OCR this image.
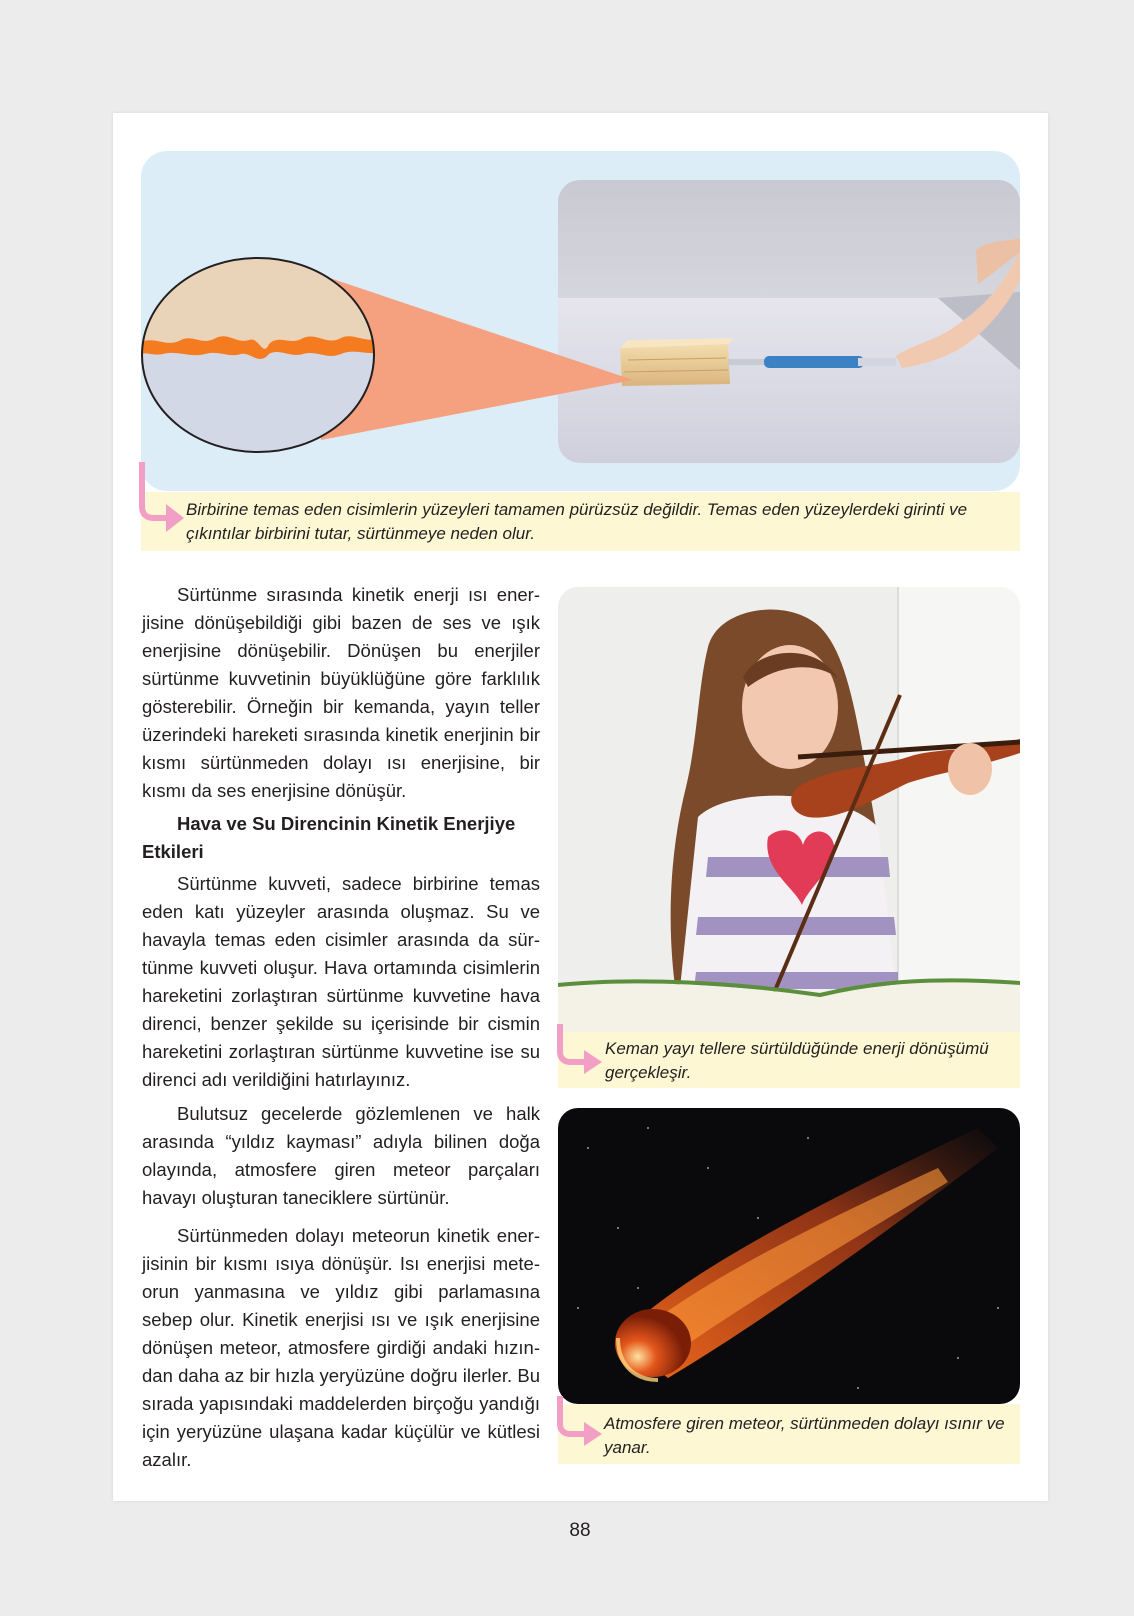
Birbirine temas eden cisimlerin yüzeyleri tamamen pürüzsüz değildir. Temas eden yüzeylerdeki girinti ve çıkıntılar birbirini tutar, sürtünmeye neden olur.

Sürtünme sırasında kinetik enerji ısı enerjisine dönüşebildiği gibi bazen de ses ve ışık enerjisine dönüşebilir. Dönüşen bu enerjiler sürtünme kuvvetinin büyüklüğüne göre farklılık gösterebilir. Örneğin bir kemanda, yayın teller üzerindeki hareketi sırasında kinetik enerjinin bir kısmı sürtünmeden dolayı ısı enerjisine, bir kısmı da ses enerjisine dönüşür.

Hava ve Su Direncinin Kinetik Enerjiye Etkileri

Sürtünme kuvveti, sadece birbirine temas eden katı yüzeyler arasında oluşmaz. Su ve havayla temas eden cisimler arasında da sürtünme kuvveti oluşur. Hava ortamında cisimlerin hareketini zorlaştıran sürtünme kuvvetine hava direnci, benzer şekilde su içerisinde bir cismin hareketini zorlaştıran sürtünme kuvvetine ise su direnci adı verildiğini hatırlayınız.

Bulutsuz gecelerde gözlemlenen ve halk arasında “yıldız kayması” adıyla bilinen doğa olayında, atmosfere giren meteor parçaları havayı oluşturan taneciklere sürtünür.

Sürtünmeden dolayı meteorun kinetik enerjisinin bir kısmı ısıya dönüşür. Isı enerjisi meteorun yanmasına ve yıldız gibi parlamasına sebep olur. Kinetik enerjisi ısı ve ışık enerjisine dönüşen meteor, atmosfere girdiği andaki hızından daha az bir hızla yeryüzüne doğru ilerler. Bu sırada yapısındaki maddelerden birçoğu yandığı için yeryüzüne ulaşana kadar küçülür ve kütlesi azalır.

Keman yayı tellere sürtüldüğünde enerji dönüşümü gerçekleşir.
Atmosfere giren meteor, sürtünmeden dolayı ısınır ve yanar.
88
